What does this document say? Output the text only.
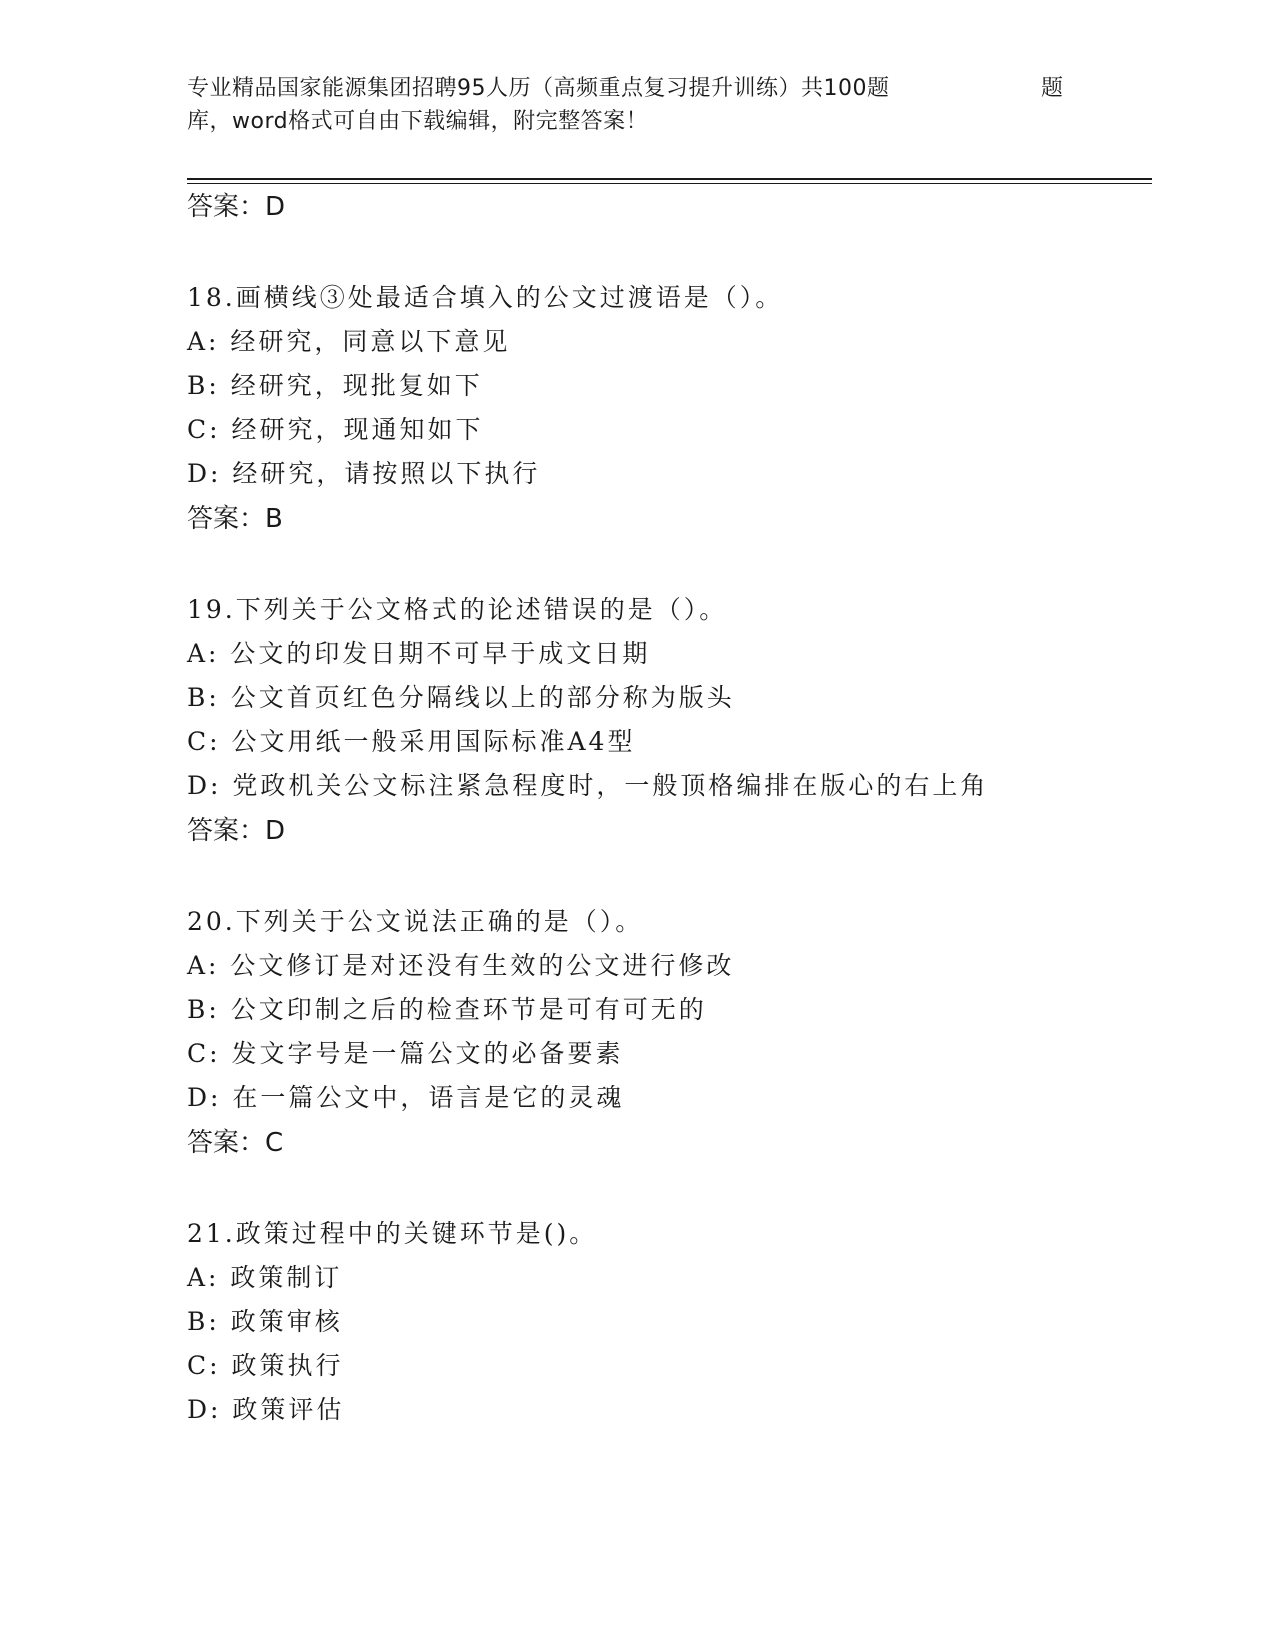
专业精品国家能源集团招聘95人历（高频重点复习提升训练）共100题
库，word格式可自由下载编辑，附完整答案！
题
答案：D
18.画横线③处最适合填入的公文过渡语是（）。
A: 经研究，同意以下意见
B: 经研究，现批复如下
C: 经研究，现通知如下
D: 经研究，请按照以下执行
答案：B
19.下列关于公文格式的论述错误的是（）。
A: 公文的印发日期不可早于成文日期
B: 公文首页红色分隔线以上的部分称为版头
C: 公文用纸一般采用国际标准A4型
D: 党政机关公文标注紧急程度时，一般顶格编排在版心的右上角
答案：D
20.下列关于公文说法正确的是（）。
A: 公文修订是对还没有生效的公文进行修改
B: 公文印制之后的检查环节是可有可无的
C: 发文字号是一篇公文的必备要素
D: 在一篇公文中，语言是它的灵魂
答案：C
21.政策过程中的关键环节是()。
A: 政策制订
B: 政策审核
C: 政策执行
D: 政策评估
